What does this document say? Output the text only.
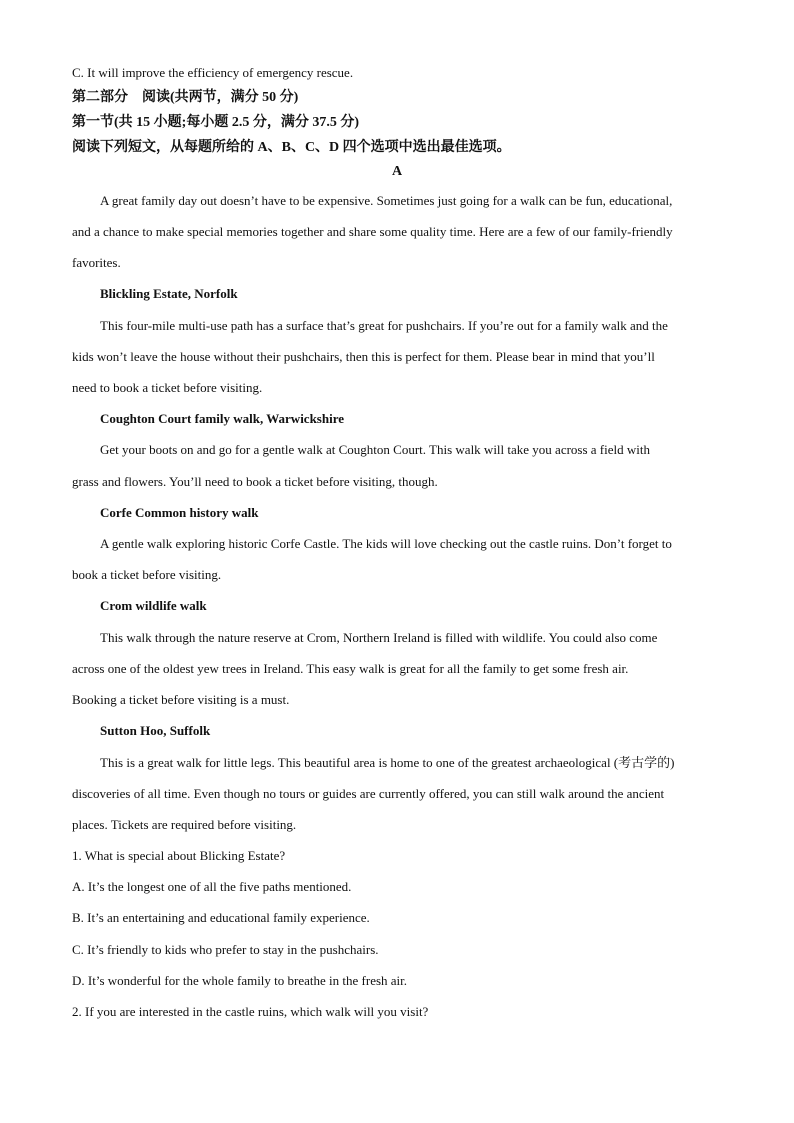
C. It will improve the efficiency of emergency rescue.
第二部分　阅读(共两节，满分 50 分)
第一节(共 15 小题;每小题 2.5 分，满分 37.5 分)
阅读下列短文，从每题所给的 A、B、C、D 四个选项中选出最佳选项。
A
A great family day out doesn’t have to be expensive. Sometimes just going for a walk can be fun, educational,
and a chance to make special memories together and share some quality time. Here are a few of our family-friendly
favorites.
Blickling Estate, Norfolk
This four-mile multi-use path has a surface that’s great for pushchairs. If you’re out for a family walk and the
kids won’t leave the house without their pushchairs, then this is perfect for them. Please bear in mind that you’ll
need to book a ticket before visiting.
Coughton Court family walk, Warwickshire
Get your boots on and go for a gentle walk at Coughton Court. This walk will take you across a field with
grass and flowers. You’ll need to book a ticket before visiting, though.
Corfe Common history walk
A gentle walk exploring historic Corfe Castle. The kids will love checking out the castle ruins. Don’t forget to
book a ticket before visiting.
Crom wildlife walk
This walk through the nature reserve at Crom, Northern Ireland is filled with wildlife. You could also come
across one of the oldest yew trees in Ireland. This easy walk is great for all the family to get some fresh air.
Booking a ticket before visiting is a must.
Sutton Hoo, Suffolk
This is a great walk for little legs. This beautiful area is home to one of the greatest archaeological (考古学的)
discoveries of all time. Even though no tours or guides are currently offered, you can still walk around the ancient
places. Tickets are required before visiting.
1. What is special about Blicking Estate?
A. It’s the longest one of all the five paths mentioned.
B. It’s an entertaining and educational family experience.
C. It’s friendly to kids who prefer to stay in the pushchairs.
D. It’s wonderful for the whole family to breathe in the fresh air.
2. If you are interested in the castle ruins, which walk will you visit?
